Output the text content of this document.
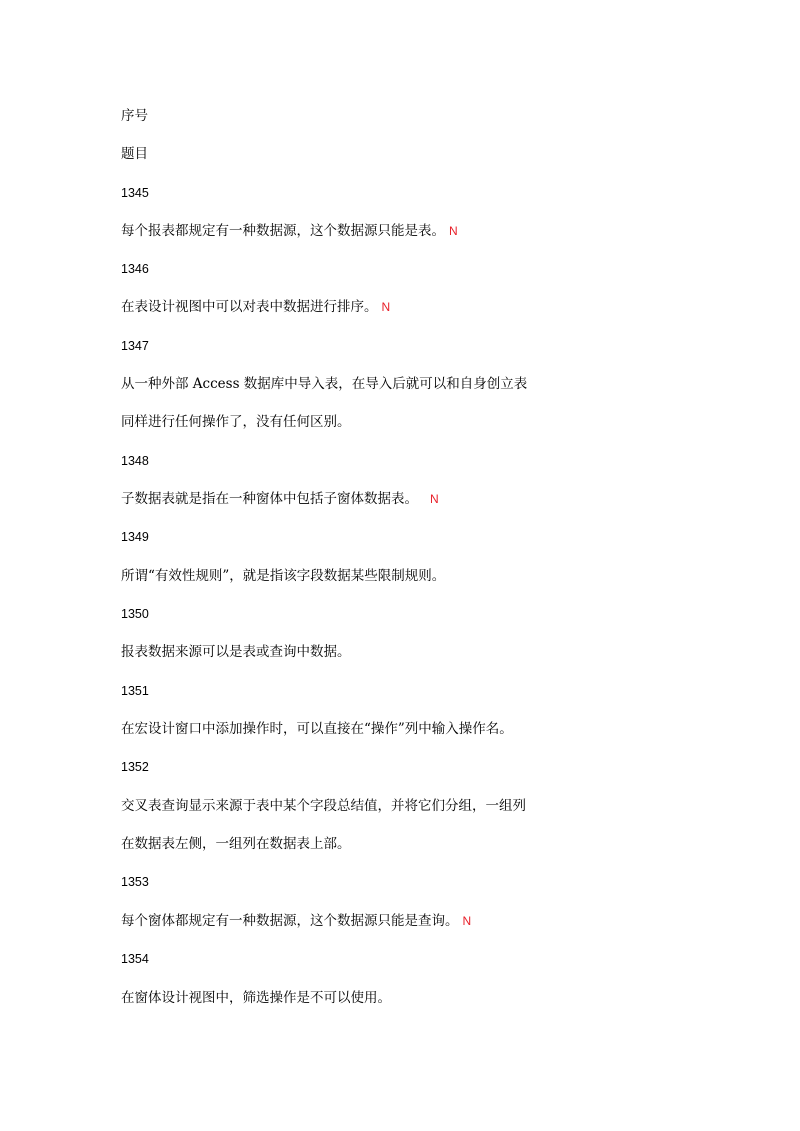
序号
题目
1345
每个报表都规定有一种数据源，这个数据源只能是表。 N
1346
在表设计视图中可以对表中数据进行排序。 N
1347
从一种外部 Access 数据库中导入表，在导入后就可以和自身创立表
同样进行任何操作了，没有任何区别。
1348
子数据表就是指在一种窗体中包括子窗体数据表。 N
1349
所谓“有效性规则”，就是指该字段数据某些限制规则。
1350
报表数据来源可以是表或查询中数据。
1351
在宏设计窗口中添加操作时，可以直接在“操作”列中输入操作名。
1352
交叉表查询显示来源于表中某个字段总结值，并将它们分组，一组列
在数据表左侧，一组列在数据表上部。
1353
每个窗体都规定有一种数据源，这个数据源只能是查询。 N
1354
在窗体设计视图中，筛选操作是不可以使用。
